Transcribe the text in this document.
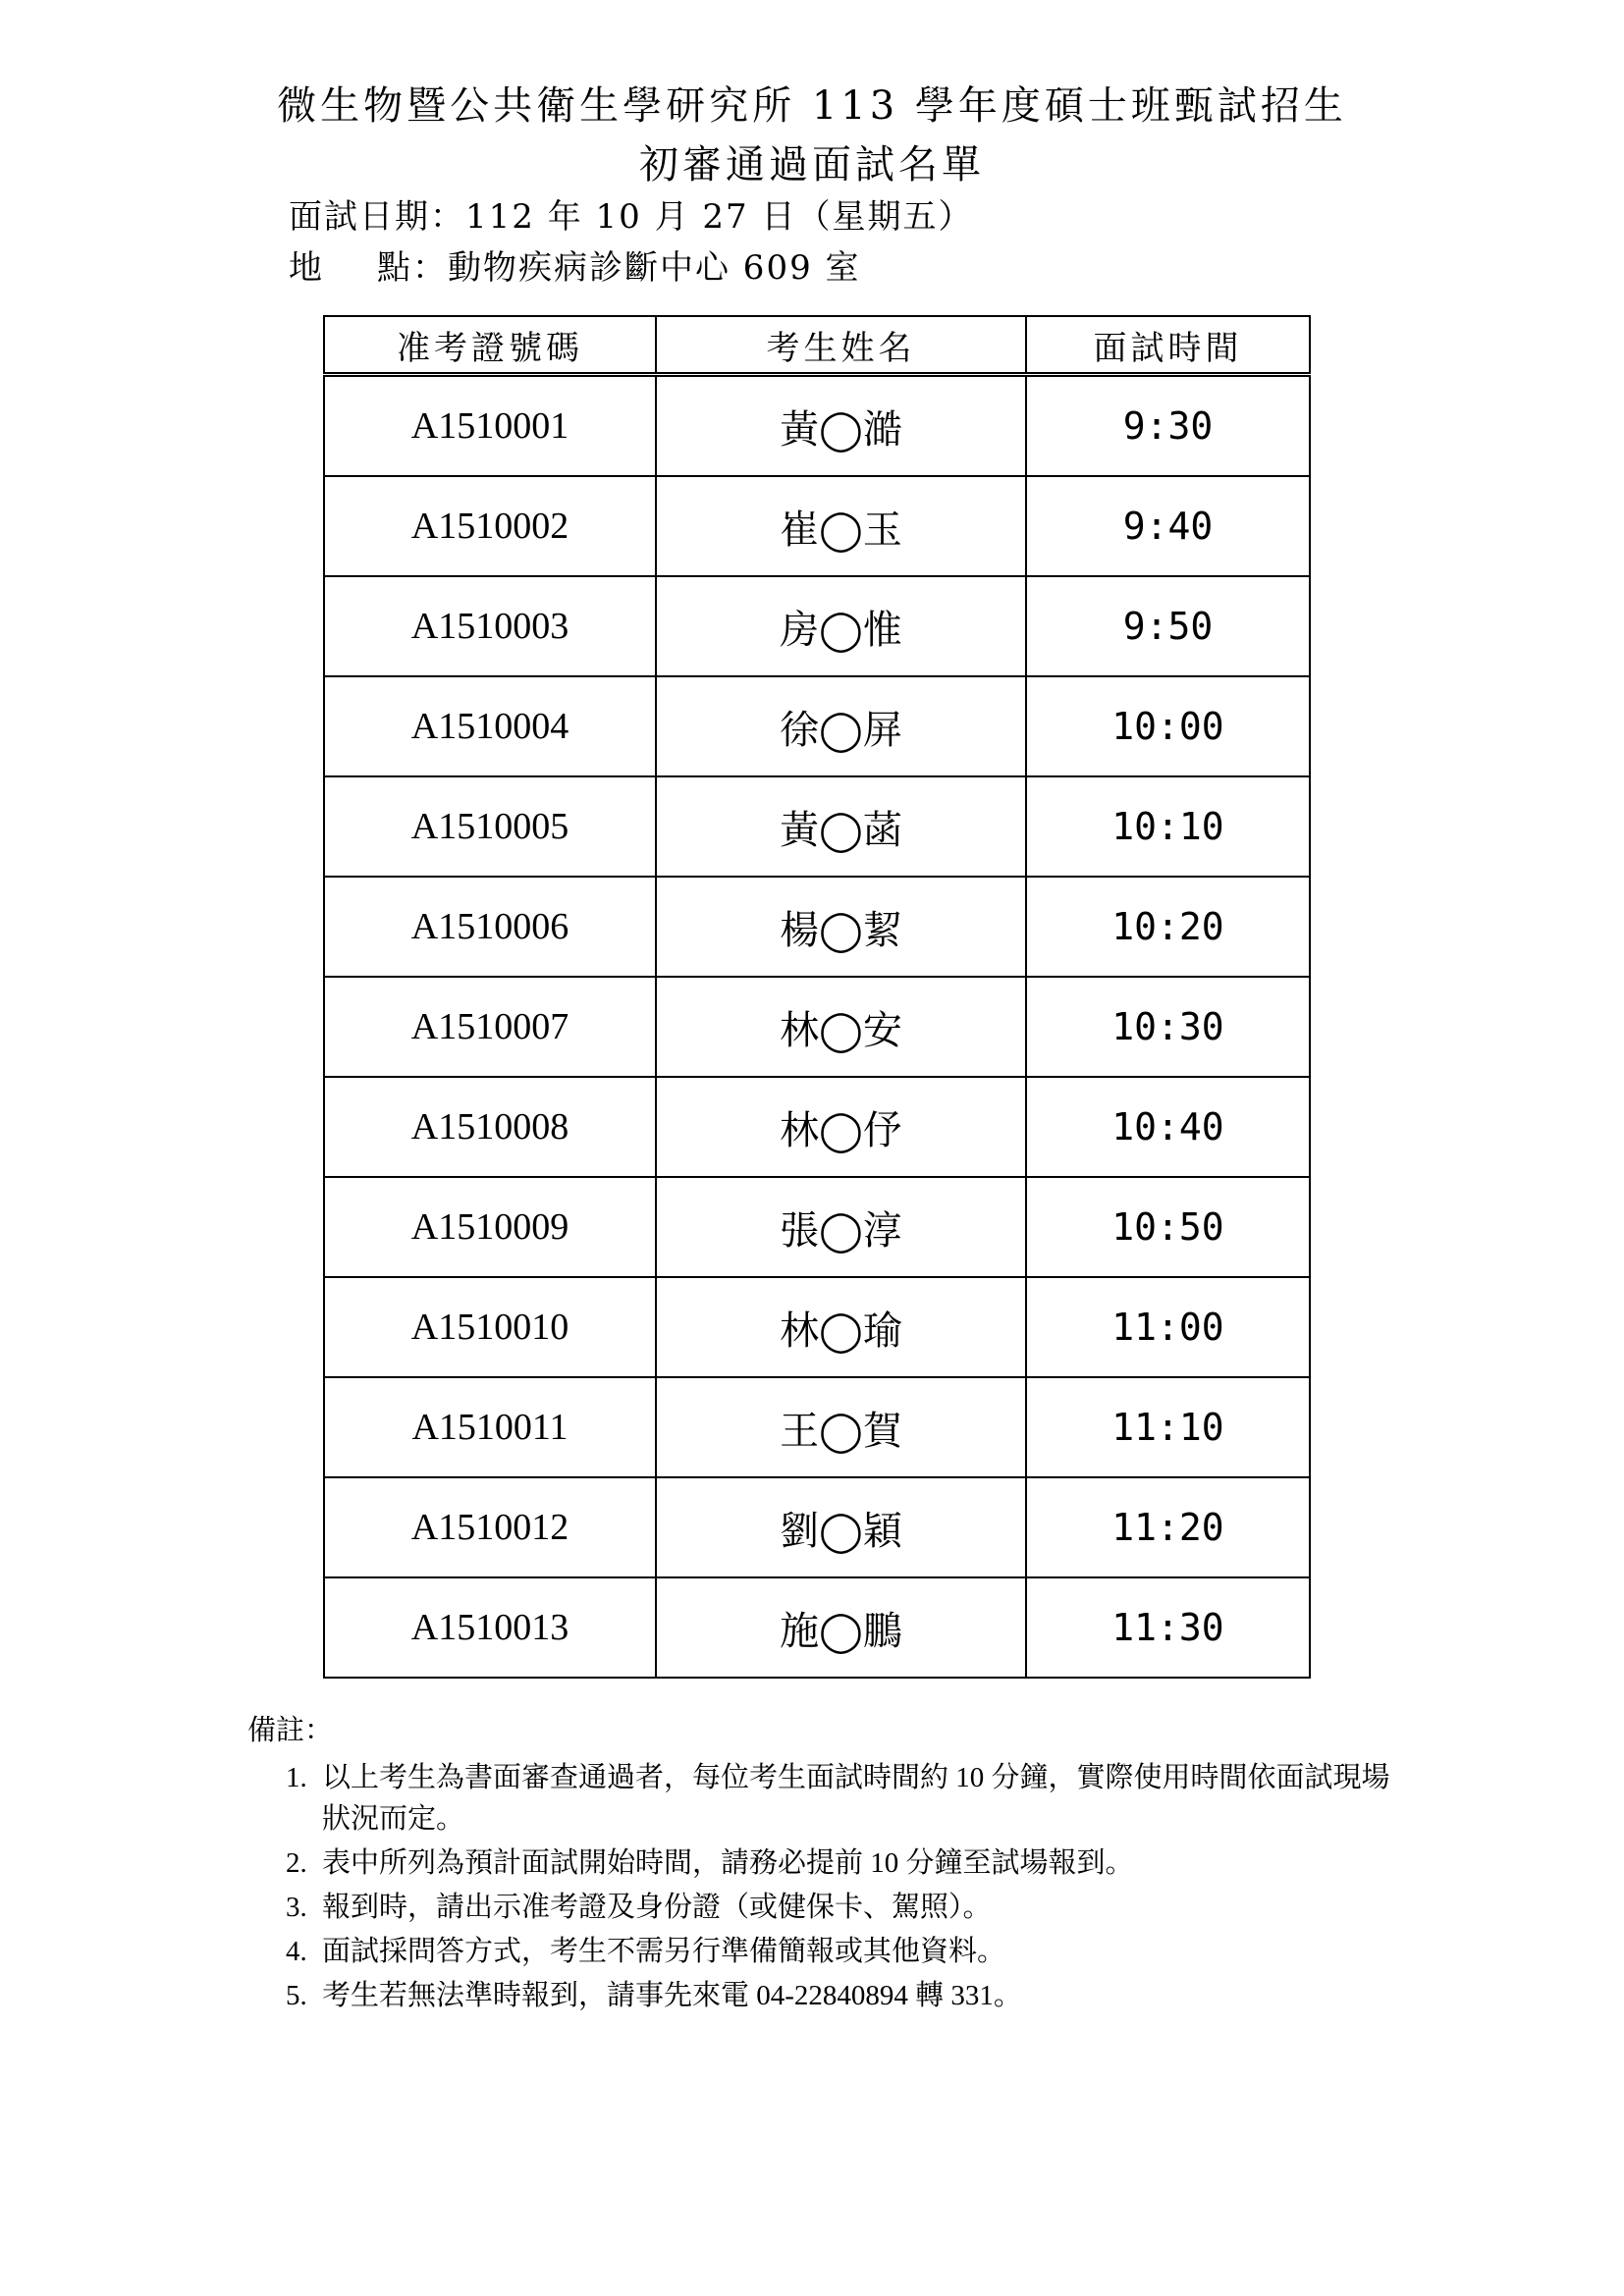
微生物暨公共衛生學研究所 113 學年度碩士班甄試招生
初審通過面試名單
面試日期：112 年 10 月 27 日（星期五）
地 點：動物疾病診斷中心 609 室
准考證號碼	考生姓名	面試時間
A1510001	黃◯澔	9:30
A1510002	崔◯玉	9:40
A1510003	房◯惟	9:50
A1510004	徐◯屏	10:00
A1510005	黃◯菡	10:10
A1510006	楊◯絜	10:20
A1510007	林◯安	10:30
A1510008	林◯伃	10:40
A1510009	張◯淳	10:50
A1510010	林◯瑜	11:00
A1510011	王◯賀	11:10
A1510012	劉◯穎	11:20
A1510013	施◯鵬	11:30
備註：
1. 以上考生為書面審查通過者，每位考生面試時間約 10 分鐘，實際使用時間依面試現場狀況而定。
2. 表中所列為預計面試開始時間，請務必提前 10 分鐘至試場報到。
3. 報到時，請出示准考證及身份證（或健保卡、駕照）。
4. 面試採問答方式，考生不需另行準備簡報或其他資料。
5. 考生若無法準時報到，請事先來電 04-22840894 轉 331。
